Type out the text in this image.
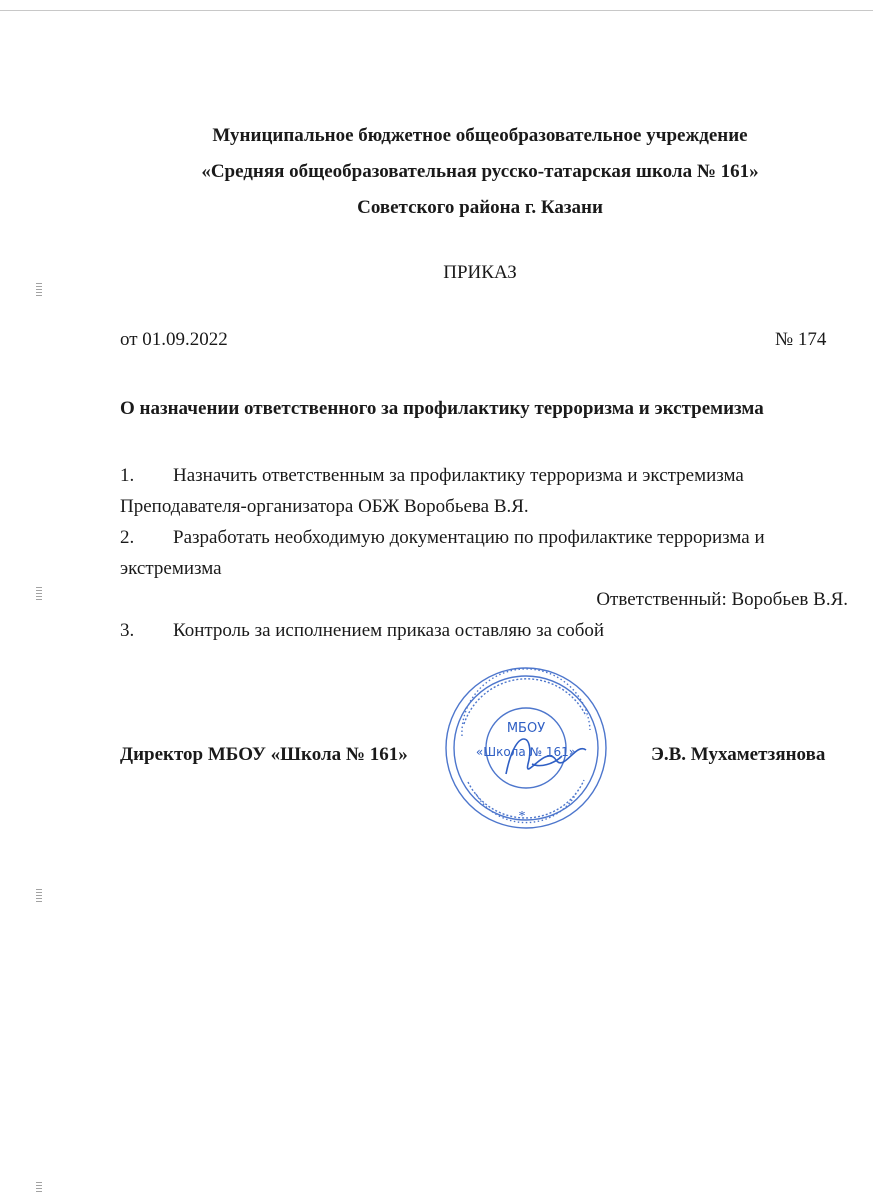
Муниципальное бюджетное общеобразовательное учреждение
«Средняя общеобразовательная русско-татарская школа № 161»
Советского района г. Казани
ПРИКАЗ
от 01.09.2022	№ 174
О назначении ответственного за профилактику терроризма и экстремизма
1. Назначить ответственным за профилактику терроризма и экстремизма
Преподавателя-организатора ОБЖ Воробьева В.Я.
2. Разработать необходимую документацию по профилактике терроризма и
экстремизма
Ответственный: Воробьев В.Я.
3. Контроль за исполнением приказа оставляю за собой
Директор МБОУ «Школа № 161»
МБОУ
«Школа № 161»
*
Э.В. Мухаметзянова
